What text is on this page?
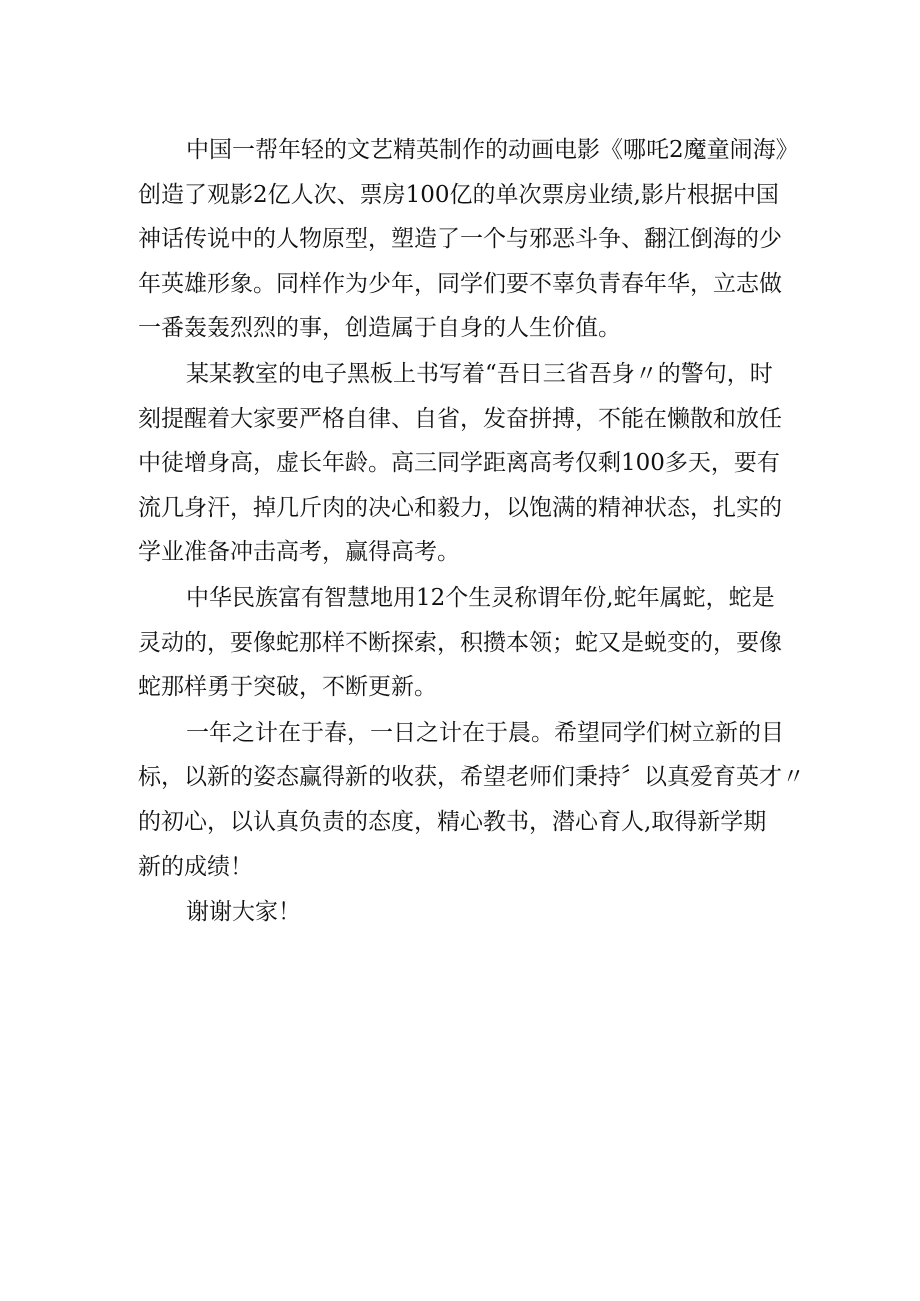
中国一帮年轻的文艺精英制作的动画电影《哪吒2魔童闹海》
创造了观影2亿人次、票房100亿的单次票房业绩,影片根据中国
神话传说中的人物原型，塑造了一个与邪恶斗争、翻江倒海的少
年英雄形象。同样作为少年，同学们要不辜负青春年华，立志做
一番轰轰烈烈的事，创造属于自身的人生价值。
某某教室的电子黑板上书写着“吾日三省吾身〃的警句，时
刻提醒着大家要严格自律、自省，发奋拼搏，不能在懒散和放任
中徒增身高，虚长年龄。高三同学距离高考仅剩100多天，要有
流几身汗，掉几斤肉的决心和毅力，以饱满的精神状态，扎实的
学业准备冲击高考，赢得高考。
中华民族富有智慧地用12个生灵称谓年份,蛇年属蛇，蛇是
灵动的，要像蛇那样不断探索，积攒本领；蛇又是蜕变的，要像
蛇那样勇于突破，不断更新。
一年之计在于春，一日之计在于晨。希望同学们树立新的目
标，以新的姿态赢得新的收获，希望老师们秉持〞以真爱育英才〃
的初心，以认真负责的态度，精心教书，潜心育人,取得新学期
新的成绩！
谢谢大家！
